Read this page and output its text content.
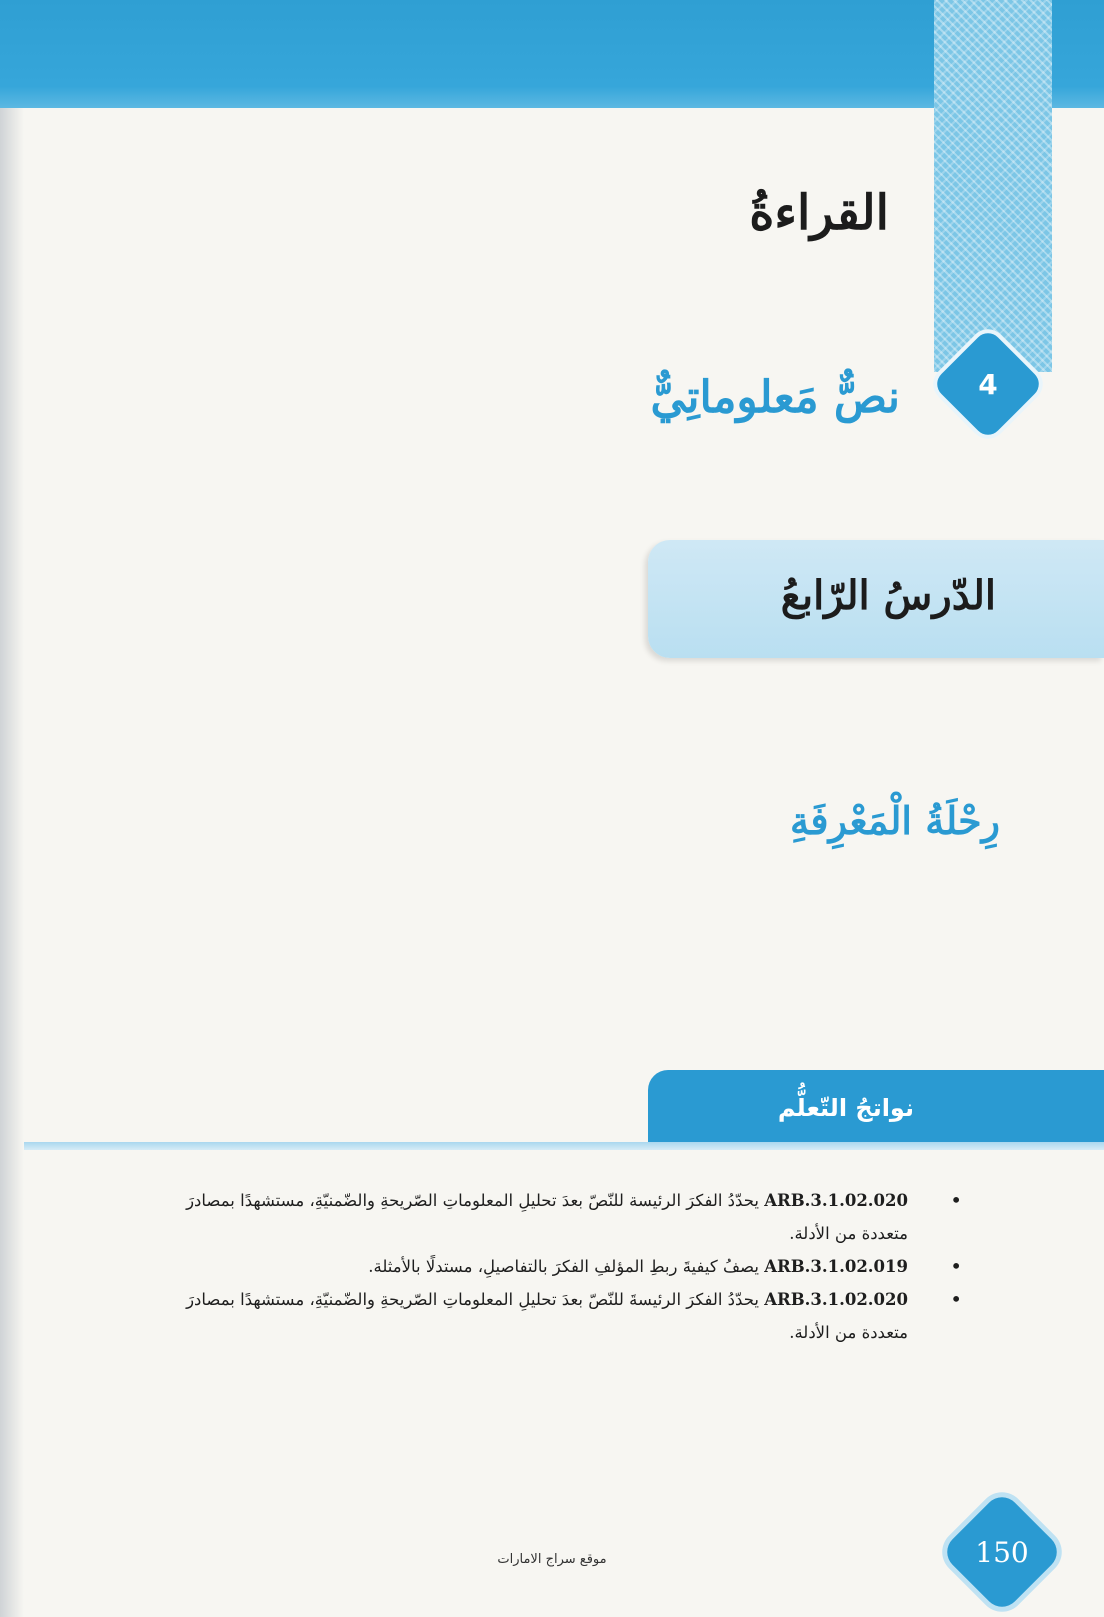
القراءةُ
4
نصٌّ مَعلوماتِيٌّ
الدّرسُ الرّابعُ
رِحْلَةُ الْمَعْرِفَةِ
نواتجُ التّعلُّم
• ARB.3.1.02.020 يحدّدُ الفكرَ الرئيسة للنّصّ بعدَ تحليلِ المعلوماتِ الصّريحةِ والضّمنيّةِ، مستشهدًا بمصادرَ متعددة من الأدلة.
• ARB.3.1.02.019 يصفُ كيفيةَ ربطِ المؤلفِ الفكرَ بالتفاصيلِ، مستدلًا بالأمثلة.
• ARB.3.1.02.020 يحدّدُ الفكرَ الرئيسةَ للنّصّ بعدَ تحليلِ المعلوماتِ الصّريحةِ والضّمنيّةِ، مستشهدًا بمصادرَ متعددة من الأدلة.
150
موقع سراج الامارات
